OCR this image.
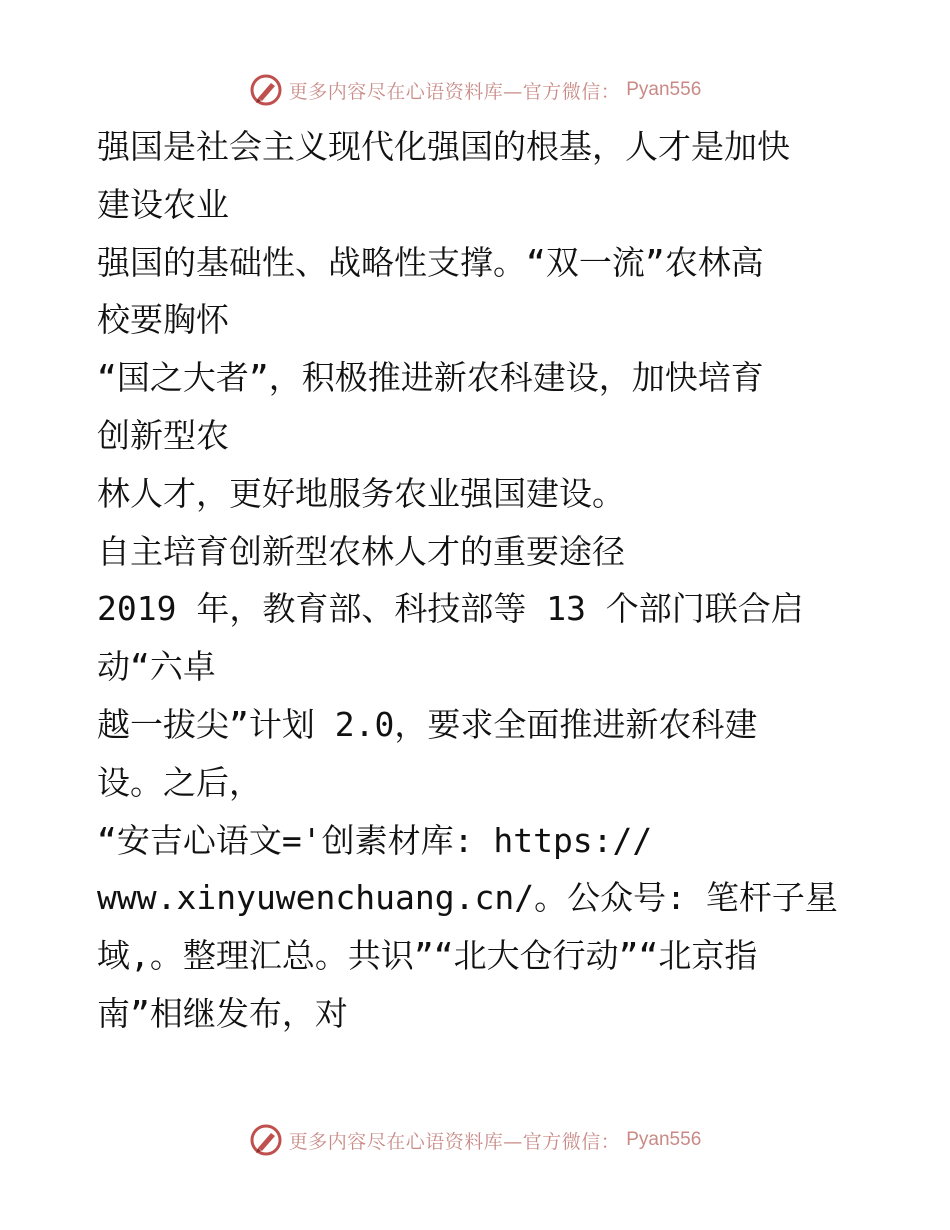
更多内容尽在心语资料库—官方微信： Pyan556

强国是社会主义现代化强国的根基，人才是加快

建设农业

强国的基础性、战略性支撑。“双一流”农林高

校要胸怀

“国之大者”，积极推进新农科建设，加快培育

创新型农

林人才，更好地服务农业强国建设。

自主培育创新型农林人才的重要途径

2019 年，教育部、科技部等 13 个部门联合启

动“六卓

越一拔尖”计划 2.0，要求全面推进新农科建

设。之后，

“安吉心语文='创素材库: https://

www.xinyuwenchuang.cn/。公众号: 笔杆子星

域,。整理汇总。共识”“北大仓行动”“北京指

南”相继发布，对

更多内容尽在心语资料库—官方微信： Pyan556
